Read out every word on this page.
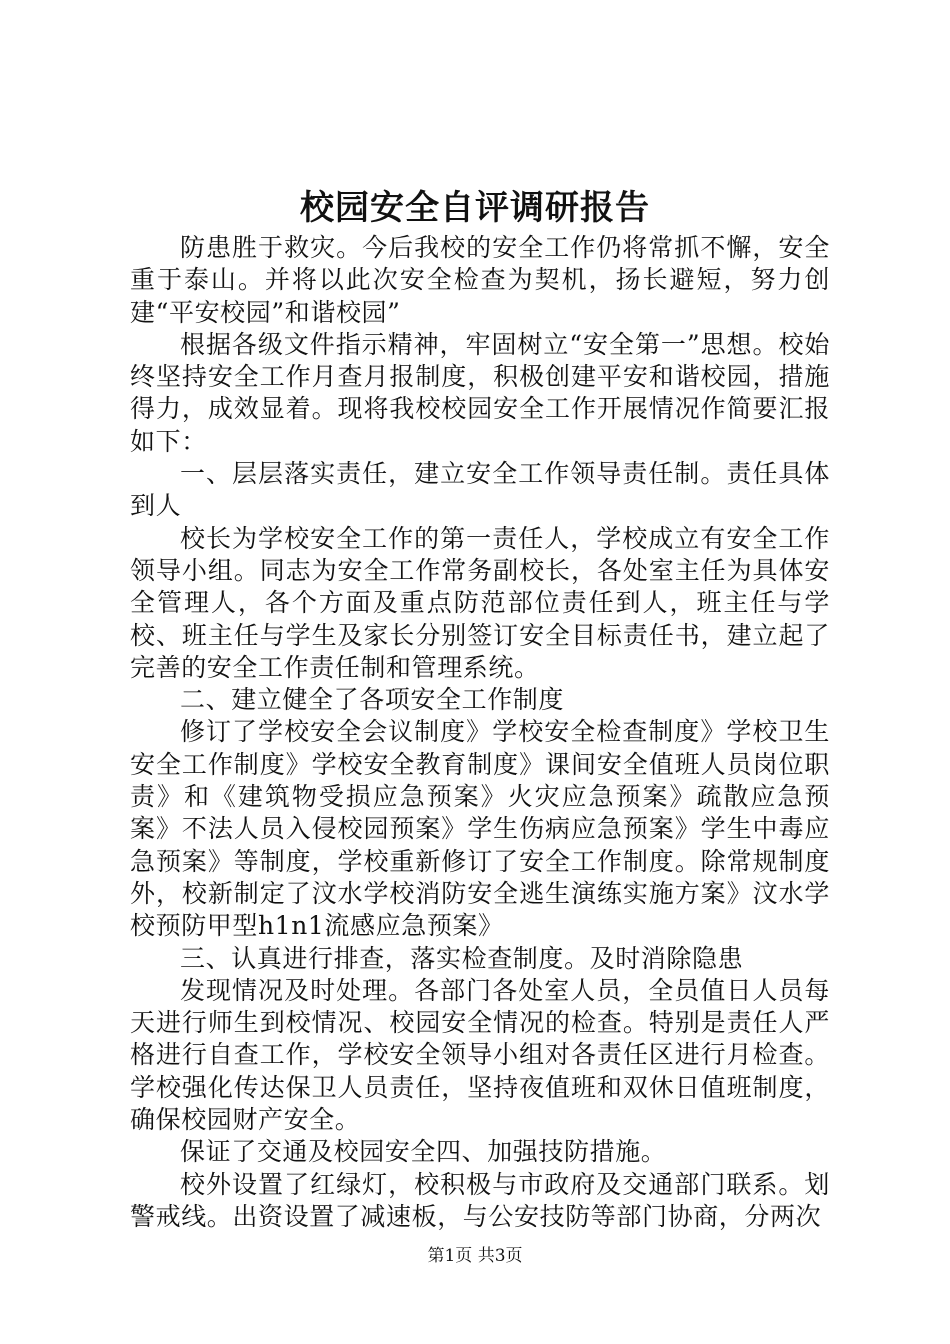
校园安全自评调研报告

防患胜于救灾。今后我校的安全工作仍将常抓不懈，安全重于泰山。并将以此次安全检查为契机，扬长避短，努力创建“平安校园”和谐校园”

根据各级文件指示精神，牢固树立“安全第一”思想。校始终坚持安全工作月查月报制度，积极创建平安和谐校园，措施得力，成效显着。现将我校校园安全工作开展情况作简要汇报如下：

一、层层落实责任，建立安全工作领导责任制。责任具体到人

校长为学校安全工作的第一责任人，学校成立有安全工作领导小组。同志为安全工作常务副校长，各处室主任为具体安全管理人，各个方面及重点防范部位责任到人，班主任与学校、班主任与学生及家长分别签订安全目标责任书，建立起了完善的安全工作责任制和管理系统。

二、建立健全了各项安全工作制度

修订了学校安全会议制度》学校安全检查制度》学校卫生安全工作制度》学校安全教育制度》课间安全值班人员岗位职责》和《建筑物受损应急预案》火灾应急预案》疏散应急预案》不法人员入侵校园预案》学生伤病应急预案》学生中毒应急预案》等制度，学校重新修订了安全工作制度。除常规制度外，校新制定了汶水学校消防安全逃生演练实施方案》汶水学校预防甲型h1n1流感应急预案》

三、认真进行排查，落实检查制度。及时消除隐患

发现情况及时处理。各部门各处室人员，全员值日人员每天进行师生到校情况、校园安全情况的检查。特别是责任人严格进行自查工作，学校安全领导小组对各责任区进行月检查。学校强化传达保卫人员责任，坚持夜值班和双休日值班制度，确保校园财产安全。

保证了交通及校园安全四、加强技防措施。

校外设置了红绿灯，校积极与市政府及交通部门联系。划警戒线。出资设置了减速板，与公安技防等部门协商，分两次

第1页 共3页
